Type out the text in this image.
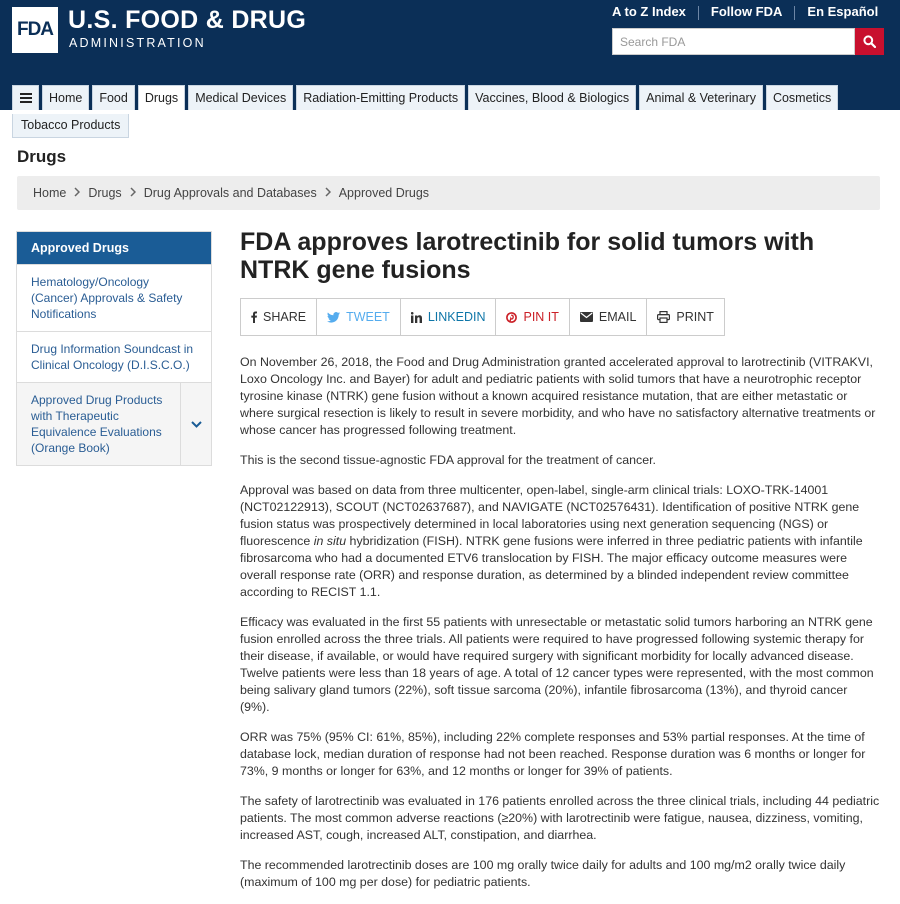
FDA U.S. FOOD & DRUG
ADMINISTRATION
A to Z Index Follow FDA En Español
Search FDA
Home	Food	Drugs	Medical Devices	Radiation-Emitting Products	Vaccines, Blood & Biologics	Animal & Veterinary	Cosmetics
Tobacco Products
Drugs
Home Drugs Drug Approvals and Databases Approved Drugs
Approved Drugs
Hematology/Oncology (Cancer) Approvals & Safety Notifications
Drug Information Soundcast in Clinical Oncology (D.I.S.C.O.)
Approved Drug Products with Therapeutic Equivalence Evaluations (Orange Book)
FDA approves larotrectinib for solid tumors with NTRK gene fusions
SHARE	TWEET	LINKEDIN	PIN IT	EMAIL	PRINT

On November 26, 2018, the Food and Drug Administration granted accelerated approval to larotrectinib (VITRAKVI, Loxo Oncology Inc. and Bayer) for adult and pediatric patients with solid tumors that have a neurotrophic receptor tyrosine kinase (NTRK) gene fusion without a known acquired resistance mutation, that are either metastatic or where surgical resection is likely to result in severe morbidity, and who have no satisfactory alternative treatments or whose cancer has progressed following treatment.

This is the second tissue-agnostic FDA approval for the treatment of cancer.

Approval was based on data from three multicenter, open-label, single-arm clinical trials: LOXO-TRK-14001 (NCT02122913), SCOUT (NCT02637687), and NAVIGATE (NCT02576431). Identification of positive NTRK gene fusion status was prospectively determined in local laboratories using next generation sequencing (NGS) or fluorescence in situ hybridization (FISH). NTRK gene fusions were inferred in three pediatric patients with infantile fibrosarcoma who had a documented ETV6 translocation by FISH. The major efficacy outcome measures were overall response rate (ORR) and response duration, as determined by a blinded independent review committee according to RECIST 1.1.

Efficacy was evaluated in the first 55 patients with unresectable or metastatic solid tumors harboring an NTRK gene fusion enrolled across the three trials. All patients were required to have progressed following systemic therapy for their disease, if available, or would have required surgery with significant morbidity for locally advanced disease. Twelve patients were less than 18 years of age. A total of 12 cancer types were represented, with the most common being salivary gland tumors (22%), soft tissue sarcoma (20%), infantile fibrosarcoma (13%), and thyroid cancer (9%).

ORR was 75% (95% CI: 61%, 85%), including 22% complete responses and 53% partial responses. At the time of database lock, median duration of response had not been reached. Response duration was 6 months or longer for 73%, 9 months or longer for 63%, and 12 months or longer for 39% of patients.

The safety of larotrectinib was evaluated in 176 patients enrolled across the three clinical trials, including 44 pediatric patients. The most common adverse reactions (≥20%) with larotrectinib were fatigue, nausea, dizziness, vomiting, increased AST, cough, increased ALT, constipation, and diarrhea.

The recommended larotrectinib doses are 100 mg orally twice daily for adults and 100 mg/m2 orally twice daily (maximum of 100 mg per dose) for pediatric patients.
